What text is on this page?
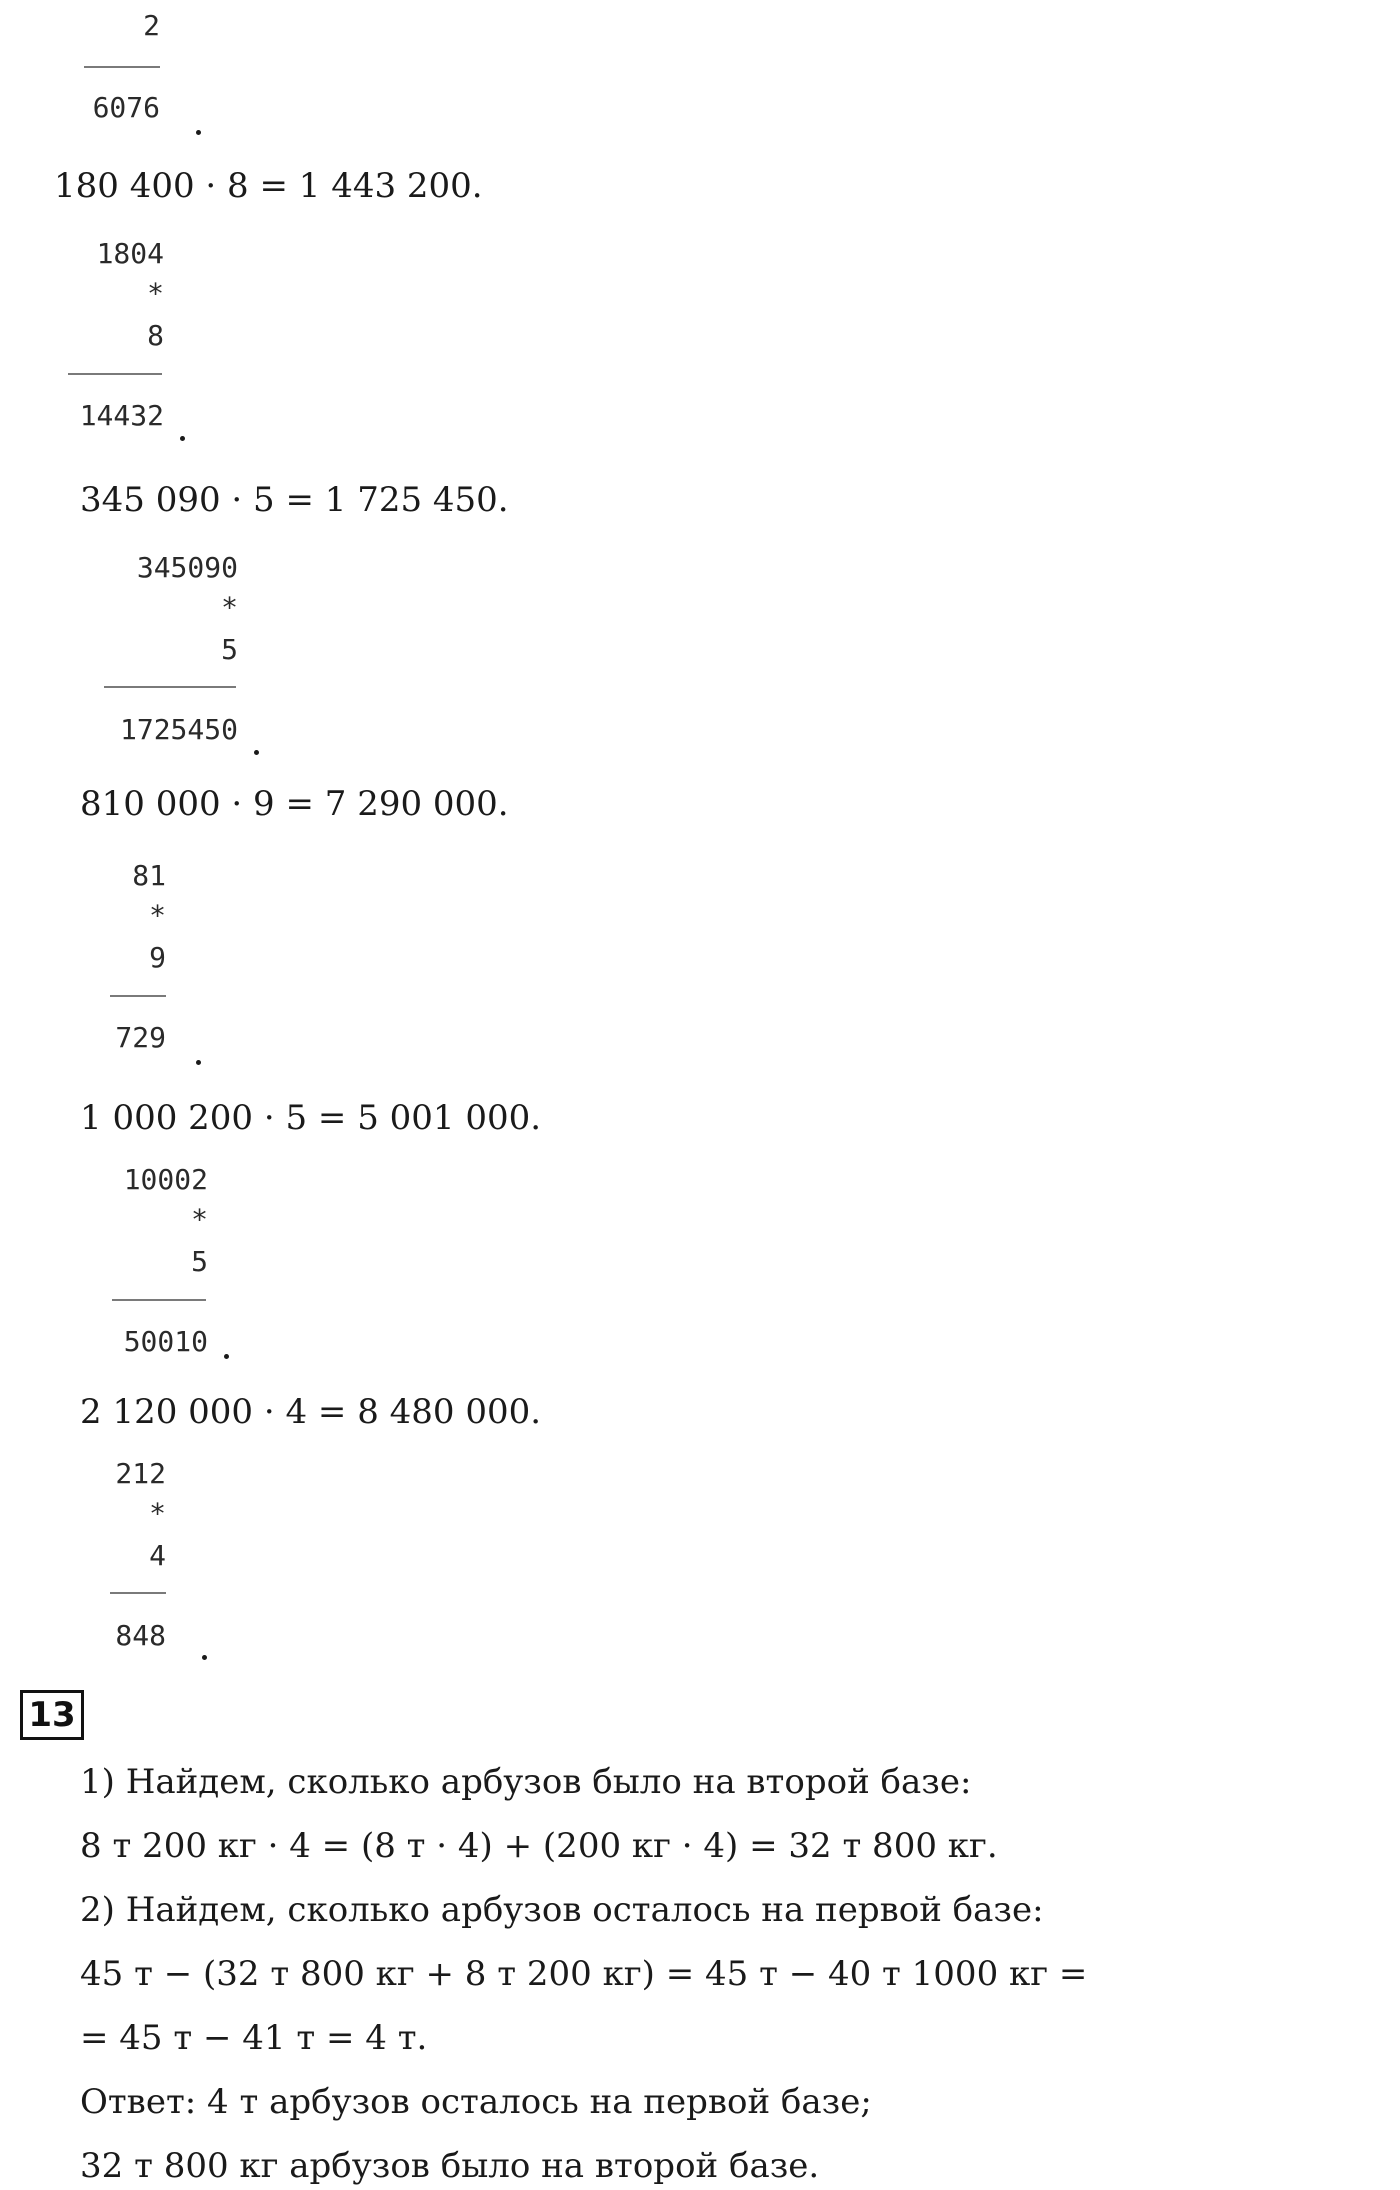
2
6076
180 400 · 8 = 1 443 200.
1804
*
8
14432
345 090 · 5 = 1 725 450.
345090
*
5
1725450
810 000 · 9 = 7 290 000.
81
*
9
729
1 000 200 · 5 = 5 001 000.
10002
*
5
50010
2 120 000 · 4 = 8 480 000.
212
*
4
848
13
1) Найдем, сколько арбузов было на второй базе:
8 т 200 кг · 4 = (8 т · 4) + (200 кг · 4) = 32 т 800 кг.
2) Найдем, сколько арбузов осталось на первой базе:
45 т − (32 т 800 кг + 8 т 200 кг) = 45 т − 40 т 1000 кг =
= 45 т − 41 т = 4 т.
Ответ: 4 т арбузов осталось на первой базе;
32 т 800 кг арбузов было на второй базе.
